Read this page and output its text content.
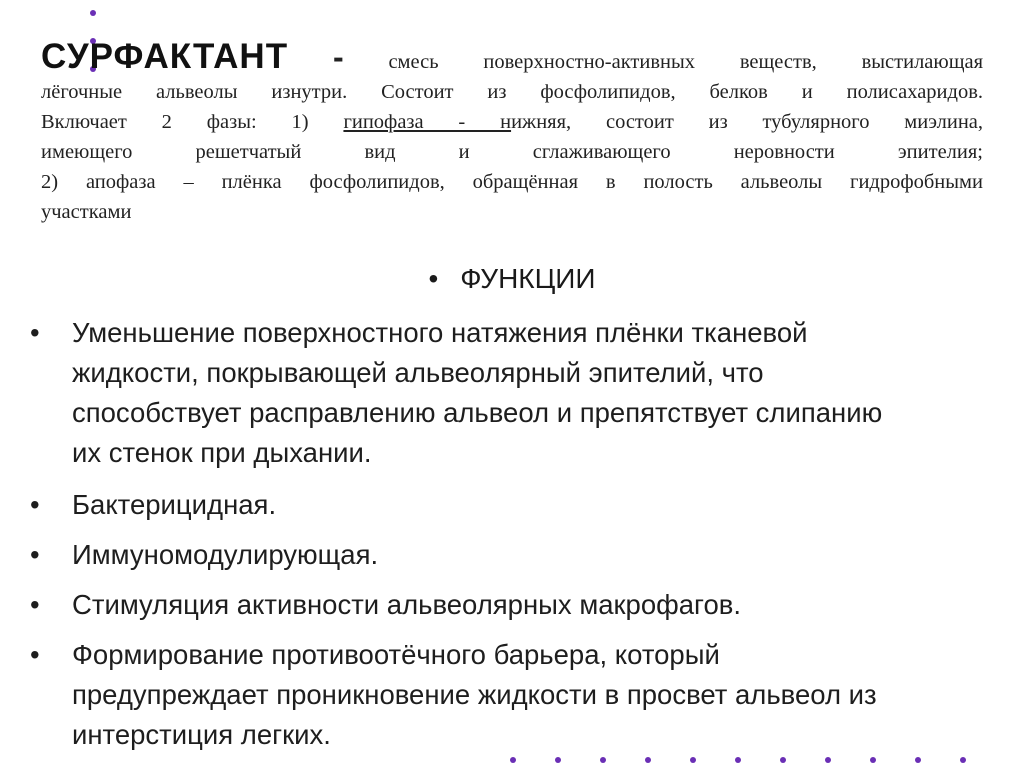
СУРФАКТАНТ - смесь поверхностно-активных веществ, выстилающая
лёгочные альвеолы изнутри. Состоит из фосфолипидов, белков и полисахаридов.
Включает 2 фазы: 1) гипофаза - нижняя, состоит из тубулярного миэлина,
имеющего решетчатый вид и сглаживающего неровности эпителия;
2) апофаза – плёнка фосфолипидов, обращённая в полость альвеолы гидрофобными
участками
• ФУНКЦИИ
• Уменьшение поверхностного натяжения плёнки тканевой
жидкости, покрывающей альвеолярный эпителий, что
способствует расправлению альвеол и препятствует слипанию
их стенок при дыхании.
• Бактерицидная.
• Иммуномодулирующая.
• Стимуляция активности альвеолярных макрофагов.
• Формирование противоотёчного барьера, который
предупреждает проникновение жидкости в просвет альвеол из
интерстиция легких.
